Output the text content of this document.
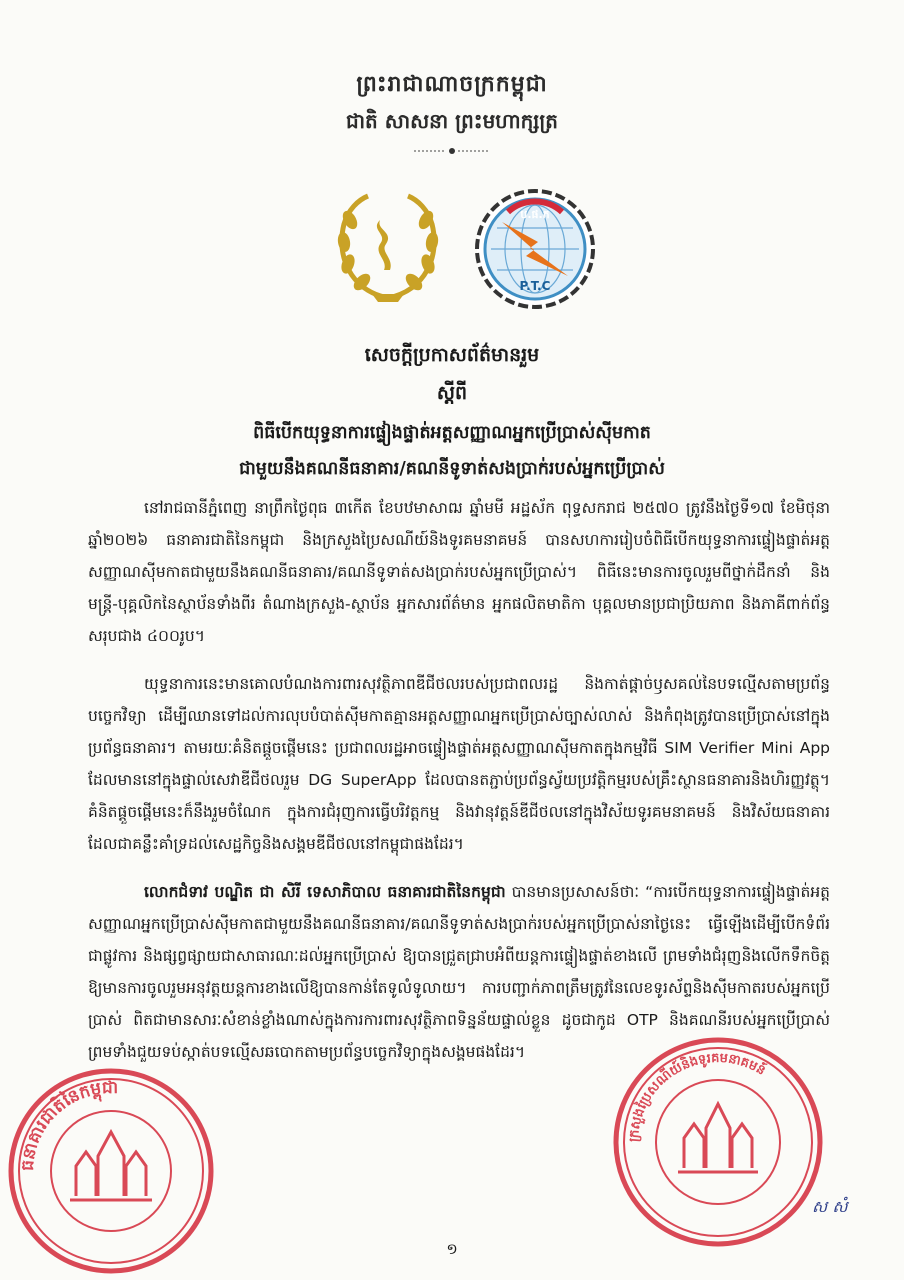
ព្រះរាជាណាចក្រកម្ពុជា
ជាតិ សាសនា ព្រះមហាក្សត្រ
ប.ផ.ក
P.T.C
សេចក្តីប្រកាសព័ត៌មានរួម
ស្តីពី
ពិធីបើកយុទ្ធនាការផ្ទៀងផ្ទាត់អត្តសញ្ញាណអ្នកប្រើប្រាស់ស៊ីមកាត
ជាមួយនឹងគណនីធនាគារ/គណនីទូទាត់សងប្រាក់របស់អ្នកប្រើប្រាស់

នៅរាជធានីភ្នំពេញ នាព្រឹកថ្ងៃពុធ ៣កើត ខែបឋមាសាឍ ឆ្នាំមមី អដ្ឋស័ក ពុទ្ធសករាជ ២៥៧០ ត្រូវនឹងថ្ងៃទី១៧ ខែមិថុនា ឆ្នាំ២០២៦ ធនាគារជាតិនៃកម្ពុជា និងក្រសួងប្រៃសណីយ៍និងទូរគមនាគមន៍ បានសហការរៀបចំពិធីបើកយុទ្ធនាការផ្ទៀងផ្ទាត់អត្តសញ្ញាណស៊ីមកាតជាមួយនឹងគណនីធនាគារ/គណនីទូទាត់សងប្រាក់របស់អ្នកប្រើប្រាស់។ ពិធីនេះមានការចូលរួមពីថ្នាក់ដឹកនាំ និងមន្ត្រី-បុគ្គលិកនៃស្ថាប័នទាំងពីរ តំណាងក្រសួង-ស្ថាប័ន អ្នកសារព័ត៌មាន អ្នកផលិតមាតិកា បុគ្គលមានប្រជាប្រិយភាព និងភាគីពាក់ព័ន្ធ សរុបជាង ៤០០រូប។

យុទ្ធនាការនេះមានគោលបំណងការពារសុវត្ថិភាពឌីជីថលរបស់ប្រជាពលរដ្ឋ និងកាត់ផ្តាច់ឫសគល់នៃបទល្មើសតាមប្រព័ន្ធបច្ចេកវិទ្យា ដើម្បីឈានទៅដល់ការលុបបំបាត់ស៊ីមកាតគ្មានអត្តសញ្ញាណអ្នកប្រើប្រាស់ច្បាស់លាស់ និងកំពុងត្រូវបានប្រើប្រាស់នៅក្នុងប្រព័ន្ធធនាគារ។ តាមរយៈគំនិតផ្តួចផ្តើមនេះ ប្រជាពលរដ្ឋអាចផ្ទៀងផ្ទាត់អត្តសញ្ញាណស៊ីមកាតក្នុងកម្មវិធី SIM Verifier Mini App ដែលមាននៅក្នុងផ្ទាល់សេវាឌីជីថលរួម DG SuperApp ដែលបានតភ្ជាប់ប្រព័ន្ធស្វ័យប្រវត្តិកម្មរបស់គ្រឹះស្ថានធនាគារនិងហិរញ្ញវត្ថុ។ គំនិតផ្តួចផ្តើមនេះក៏នឹងរួមចំណែក ក្នុងការជំរុញការធ្វើបរិវត្តកម្ម និងវានុវត្តន៍ឌីជីថលនៅក្នុងវិស័យទូរគមនាគមន៍ និងវិស័យធនាគារ ដែលជាគន្លឹះគាំទ្រដល់សេដ្ឋកិច្ចនិងសង្គមឌីជីថលនៅកម្ពុជាផងដែរ។

លោកជំទាវ បណ្ឌិត ជា សិរី ទេសាភិបាល ធនាគារជាតិនៃកម្ពុជា បានមានប្រសាសន៍ថាៈ “ការបើកយុទ្ធនាការផ្ទៀងផ្ទាត់អត្តសញ្ញាណអ្នកប្រើប្រាស់ស៊ីមកាតជាមួយនឹងគណនីធនាគារ/គណនីទូទាត់សងប្រាក់របស់អ្នកប្រើប្រាស់នាថ្ងៃនេះ ធ្វើឡើងដើម្បីបើកទំព័រជាផ្លូវការ និងផ្សព្វផ្សាយជាសាធារណៈដល់អ្នកប្រើប្រាស់ ឱ្យបានជ្រួតជ្រាបអំពីយន្តការផ្ទៀងផ្ទាត់ខាងលើ ព្រមទាំងជំរុញនិងលើកទឹកចិត្តឱ្យមានការចូលរួមអនុវត្តយន្តការខាងលើឱ្យបានកាន់តែទូលំទូលាយ។ ការបញ្ជាក់ភាពត្រឹមត្រូវនៃលេខទូរស័ព្ទនិងស៊ីមកាតរបស់អ្នកប្រើប្រាស់ ពិតជាមានសារៈសំខាន់ខ្លាំងណាស់ក្នុងការការពារសុវត្ថិភាពទិន្នន័យផ្ទាល់ខ្លួន ដូចជាកូដ OTP និងគណនីរបស់អ្នកប្រើប្រាស់ ព្រមទាំងជួយទប់ស្កាត់បទល្មើសឆបោកតាមប្រព័ន្ធបច្ចេកវិទ្យាក្នុងសង្គមផងដែរ។

ធនាគារជាតិនៃកម្ពុជា
ក្រសួងប្រៃសណីយ៍និងទូរគមនាគមន៍
ស សំ
១
